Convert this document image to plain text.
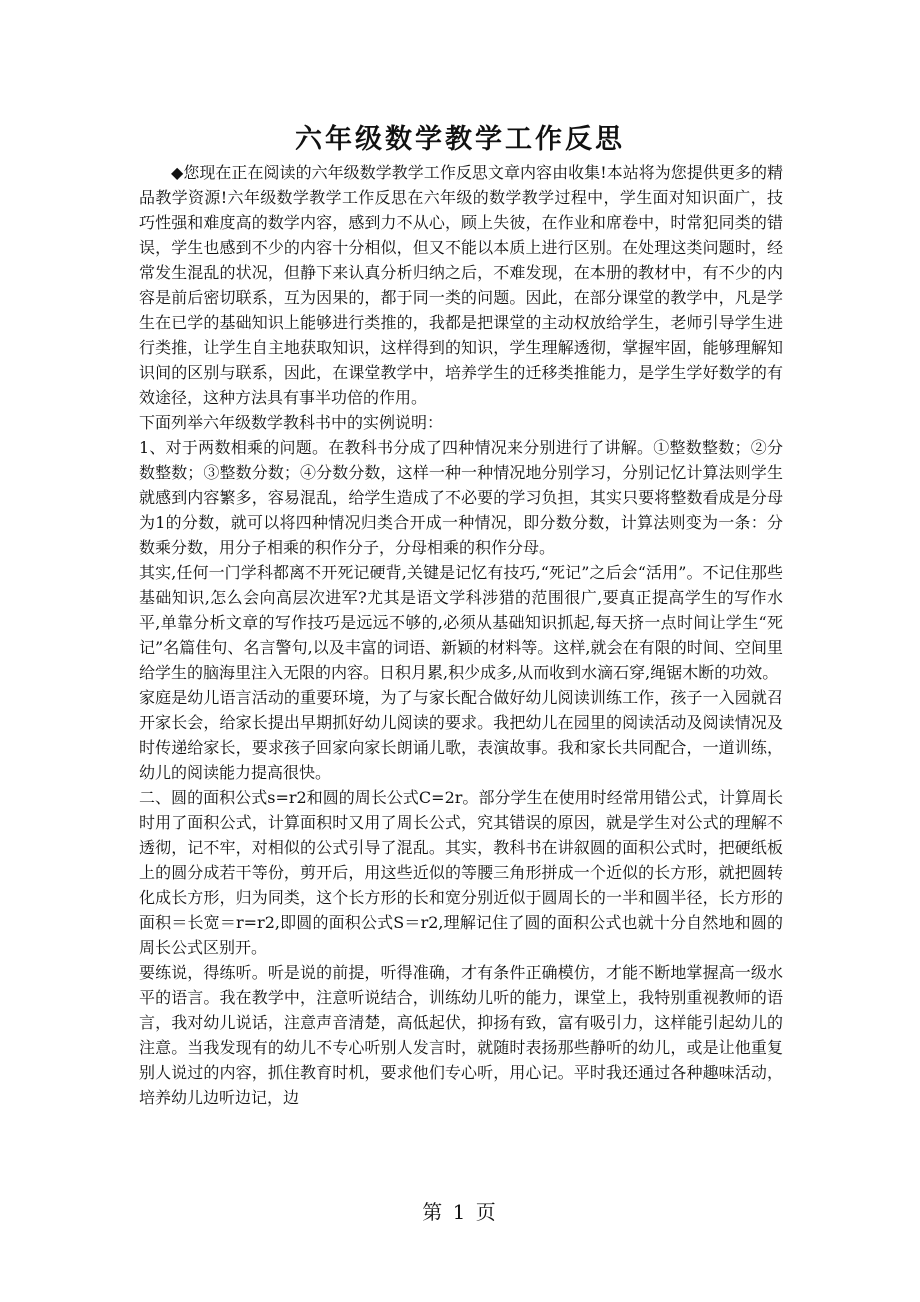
六年级数学教学工作反思

◆您现在正在阅读的六年级数学教学工作反思文章内容由收集!本站将为您提供更多的精品教学资源!六年级数学教学工作反思在六年级的数学教学过程中，学生面对知识面广，技巧性强和难度高的数学内容，感到力不从心，顾上失彼，在作业和席卷中，时常犯同类的错误，学生也感到不少的内容十分相似，但又不能以本质上进行区别。在处理这类问题时，经常发生混乱的状况，但静下来认真分析归纳之后，不难发现，在本册的教材中，有不少的内容是前后密切联系，互为因果的，都于同一类的问题。因此，在部分课堂的教学中，凡是学生在已学的基础知识上能够进行类推的，我都是把课堂的主动权放给学生，老师引导学生进行类推，让学生自主地获取知识，这样得到的知识，学生理解透彻，掌握牢固，能够理解知识间的区别与联系，因此，在课堂教学中，培养学生的迁移类推能力，是学生学好数学的有效途径，这种方法具有事半功倍的作用。

下面列举六年级数学教科书中的实例说明：

1、对于两数相乘的问题。在教科书分成了四种情况来分别进行了讲解。①整数整数；②分数整数；③整数分数；④分数分数，这样一种一种情况地分别学习，分别记忆计算法则学生就感到内容繁多，容易混乱，给学生造成了不必要的学习负担，其实只要将整数看成是分母为1的分数，就可以将四种情况归类合开成一种情况，即分数分数，计算法则变为一条：分数乘分数，用分子相乘的积作分子，分母相乘的积作分母。

其实,任何一门学科都离不开死记硬背,关键是记忆有技巧,“死记”之后会“活用”。不记住那些基础知识,怎么会向高层次进军?尤其是语文学科涉猎的范围很广,要真正提高学生的写作水平,单靠分析文章的写作技巧是远远不够的,必须从基础知识抓起,每天挤一点时间让学生“死记”名篇佳句、名言警句,以及丰富的词语、新颖的材料等。这样,就会在有限的时间、空间里给学生的脑海里注入无限的内容。日积月累,积少成多,从而收到水滴石穿,绳锯木断的功效。

家庭是幼儿语言活动的重要环境，为了与家长配合做好幼儿阅读训练工作，孩子一入园就召开家长会，给家长提出早期抓好幼儿阅读的要求。我把幼儿在园里的阅读活动及阅读情况及时传递给家长，要求孩子回家向家长朗诵儿歌，表演故事。我和家长共同配合，一道训练，幼儿的阅读能力提高很快。

二、圆的面积公式s=r2和圆的周长公式C=2r。部分学生在使用时经常用错公式，计算周长时用了面积公式，计算面积时又用了周长公式，究其错误的原因，就是学生对公式的理解不透彻，记不牢，对相似的公式引导了混乱。其实，教科书在讲叙圆的面积公式时，把硬纸板上的圆分成若干等份，剪开后，用这些近似的等腰三角形拼成一个近似的长方形，就把圆转化成长方形，归为同类，这个长方形的长和宽分别近似于圆周长的一半和圆半径，长方形的面积＝长宽＝r=r2,即圆的面积公式S＝r2,理解记住了圆的面积公式也就十分自然地和圆的周长公式区别开。

要练说，得练听。听是说的前提，听得准确，才有条件正确模仿，才能不断地掌握高一级水平的语言。我在教学中，注意听说结合，训练幼儿听的能力，课堂上，我特别重视教师的语言，我对幼儿说话，注意声音清楚，高低起伏，抑扬有致，富有吸引力，这样能引起幼儿的注意。当我发现有的幼儿不专心听别人发言时，就随时表扬那些静听的幼儿，或是让他重复别人说过的内容，抓住教育时机，要求他们专心听，用心记。平时我还通过各种趣味活动，培养幼儿边听边记，边

第 1 页
